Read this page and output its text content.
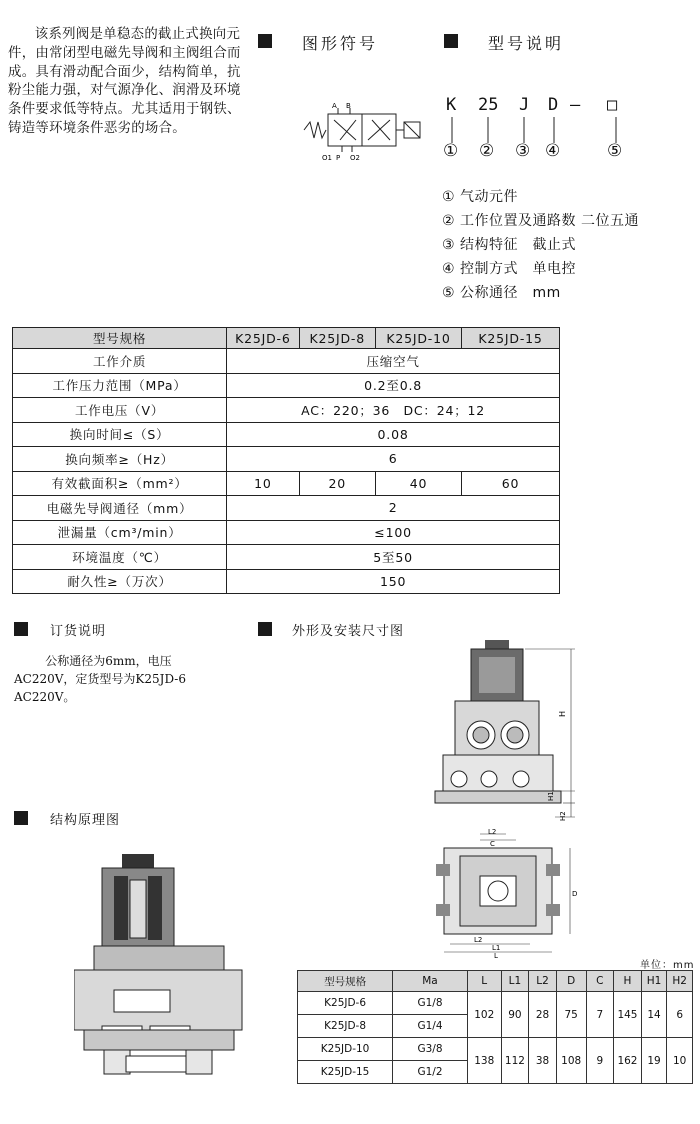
该系列阀是单稳态的截止式换向元件，由常闭型电磁先导阀和主阀组合而成。具有滑动配合面少，结构简单，抗粉尘能力强，对气源净化、润滑及环境条件要求低等特点。尤其适用于钢铁、铸造等环境条件恶劣的场合。
图形符号	型号说明
A B
O1 P O2
K 25 J D — □
① ② ③ ④	⑤
① 气动元件
② 工作位置及通路数 二位五通
③ 结构特征　截止式
④ 控制方式　单电控
⑤ 公称通径　mm
型号规格	K25JD-6	K25JD-8	K25JD-10	K25JD-15
工作介质	压缩空气			
工作压力范围（MPa）	0.2至0.8			
工作电压（V）	AC：220；36　DC：24；12			
换向时间≤（S）	0.08			
换向频率≥（Hz）	6			
有效截面积≥（mm²）	10	20	40	60
电磁先导阀通径（mm）	2			
泄漏量（cm³/min）	≤100			
环境温度（℃）	5至50			
耐久性≥（万次）	150			
订货说明
公称通径为6mm，电压AC220V，定货型号为K25JD-6　AC220V。
外形及安装尺寸图
结构原理图
H
H1
H2
L2
C
L2
L1
L
D
单位：mm
型号规格	Ma	L	L1	L2	D	C	H	H1	H2
K25JD-6	G1/8	102	90	28	75	7	145	14	6
K25JD-8	G1/4								
K25JD-10	G3/8	138	112	38	108	9	162	19	10
K25JD-15	G1/2								
